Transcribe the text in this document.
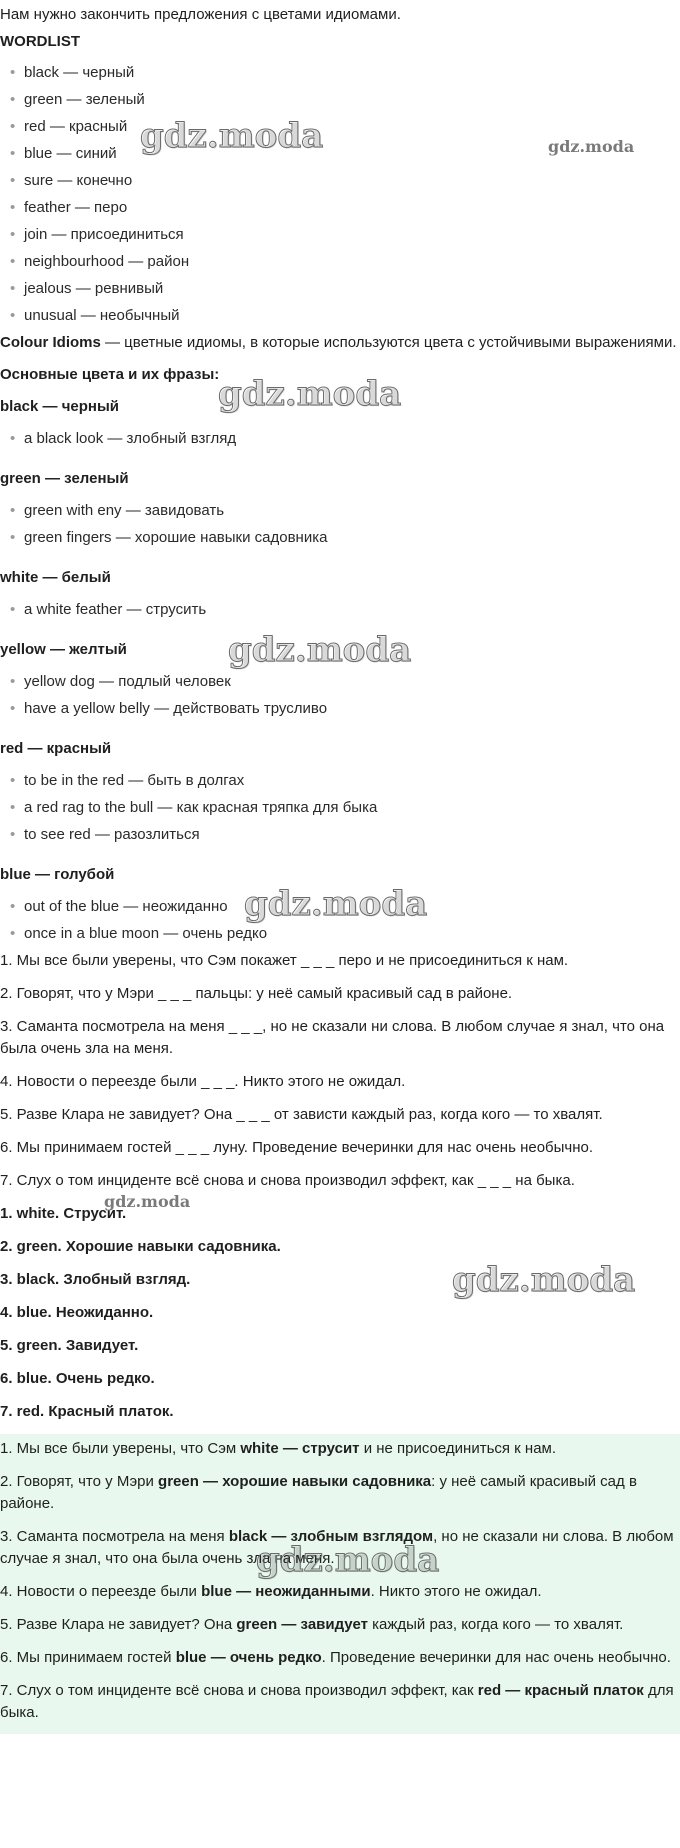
Нам нужно закончить предложения с цветами идиомами.

WORDLIST

• black — черный
• green — зеленый
• red — красный
• blue — синий
• sure — конечно
• feather — перо
• join — присоединиться
• neighbourhood — район
• jealous — ревнивый
• unusual — необычный

Colour Idioms — цветные идиомы, в которые используются цвета с устойчивыми выражениями.

Основные цвета и их фразы:

black — черный

• a black look — злобный взгляд

green — зеленый

• green with eny — завидовать
• green fingers — хорошие навыки садовника

white — белый

• a white feather — струсить

yellow — желтый

• yellow dog — подлый человек
• have a yellow belly — действовать трусливо

red — красный

• to be in the red — быть в долгах
• a red rag to the bull — как красная тряпка для быка
• to see red — разозлиться

blue — голубой

• out of the blue — неожиданно
• once in a blue moon — очень редко

1. Мы все были уверены, что Сэм покажет _ _ _ перо и не присоединиться к нам.

2. Говорят, что у Мэри _ _ _ пальцы: у неё самый красивый сад в районе.

3. Саманта посмотрела на меня _ _ _, но не сказали ни слова. В любом случае я знал, что она была очень зла на меня.

4. Новости о переезде были _ _ _. Никто этого не ожидал.

5. Разве Клара не завидует? Она _ _ _ от зависти каждый раз, когда кого — то хвалят.

6. Мы принимаем гостей _ _ _ луну. Проведение вечеринки для нас очень необычно.

7. Слух о том инциденте всё снова и снова производил эффект, как _ _ _ на быка.

1. white. Струсит.

2. green. Хорошие навыки садовника.

3. black. Злобный взгляд.

4. blue. Неожиданно.

5. green. Завидует.

6. blue. Очень редко.

7. red. Красный платок.

1. Мы все были уверены, что Сэм white — струсит и не присоединиться к нам.

2. Говорят, что у Мэри green — хорошие навыки садовника: у неё самый красивый сад в районе.

3. Саманта посмотрела на меня black — злобным взглядом, но не сказали ни слова. В любом случае я знал, что она была очень зла на меня.

4. Новости о переезде были blue — неожиданными. Никто этого не ожидал.

5. Разве Клара не завидует? Она green — завидует каждый раз, когда кого — то хвалят.

6. Мы принимаем гостей blue — очень редко. Проведение вечеринки для нас очень необычно.

7. Слух о том инциденте всё снова и снова производил эффект, как red — красный платок для быка.

gdz.moda	gdz.moda
gdz.moda
gdz.moda
gdz.moda
gdz.moda
gdz.moda
gdz.moda
